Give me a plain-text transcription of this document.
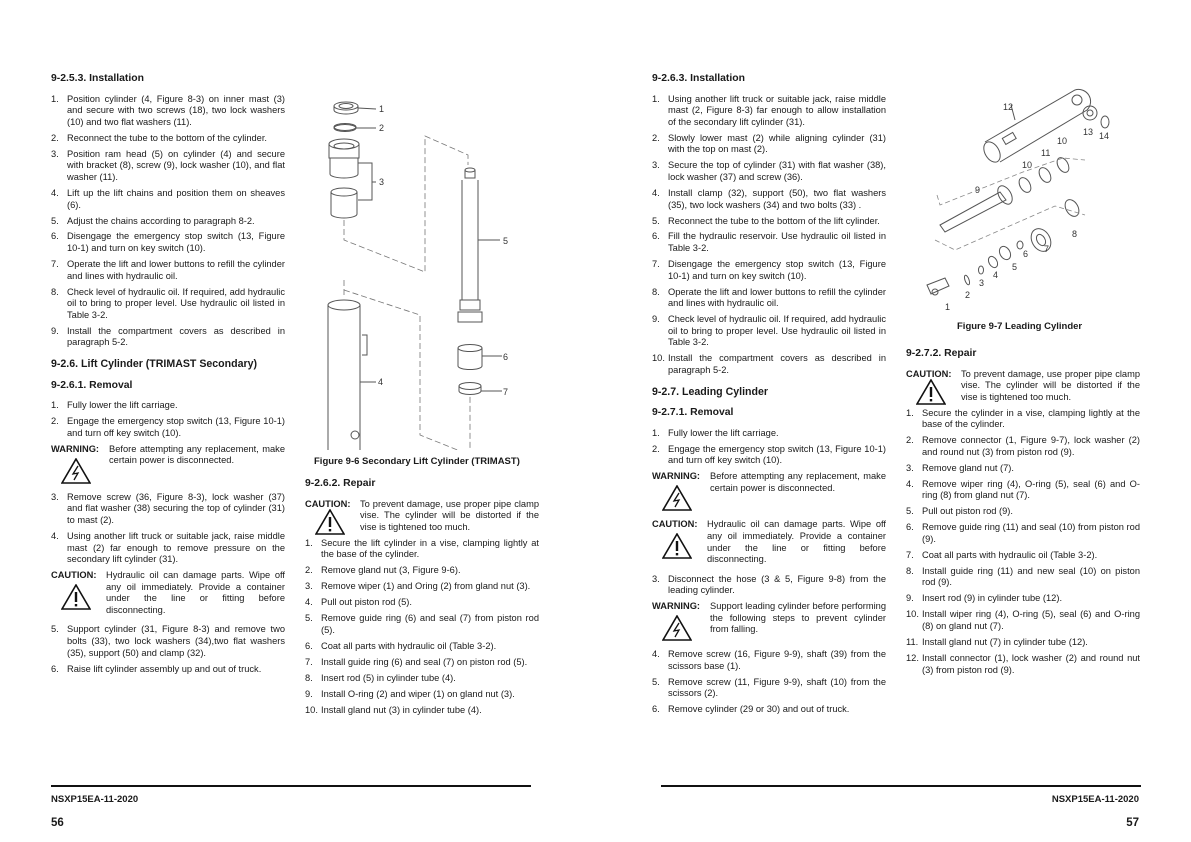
9-2.5.3. Installation
1. Position cylinder (4, Figure 8-3) on inner mast (3) and secure with two screws (18), two lock washers (10) and two flat washers (11).
2. Reconnect the tube to the bottom of the cylinder.
3. Position ram head (5) on cylinder (4) and secure with bracket (8), screw (9), lock washer (10), and flat washer (11).
4. Lift up the lift chains and position them on sheaves (6).
5. Adjust the chains according to paragraph 8-2.
6. Disengage the emergency stop switch (13, Figure 10-1) and turn on key switch (10).
7. Operate the lift and lower buttons to refill the cylinder and lines with hydraulic oil.
8. Check level of hydraulic oil. If required, add hydraulic oil to bring to proper level. Use hydraulic oil listed in Table 3-2.
9. Install the compartment covers as described in paragraph 5-2.
9-2.6. Lift Cylinder (TRIMAST Secondary)
9-2.6.1. Removal
1. Fully lower the lift carriage.
2. Engage the emergency stop switch (13, Figure 10-1) and turn off key switch (10).
WARNING: Before attempting any replacement, make certain power is disconnected.
3. Remove screw (36, Figure 8-3), lock washer (37) and flat washer (38) securing the top of cylinder (31) to mast (2).
4. Using another lift truck or suitable jack, raise middle mast (2) far enough to remove pressure on the secondary lift cylinder (31).
CAUTION: Hydraulic oil can damage parts. Wipe off any oil immediately. Provide a container under the line or fitting before disconnecting.
5. Support cylinder (31, Figure 8-3) and remove two bolts (33), two lock washers (34),two flat washers (35), support (50) and clamp (32).
6. Raise lift cylinder assembly up and out of truck.
1
2
3
4
5
6
7
Figure 9-6 Secondary Lift Cylinder (TRIMAST)
9-2.6.2. Repair
CAUTION: To prevent damage, use proper pipe clamp vise. The cylinder will be distorted if the vise is tightened too much.
1. Secure the lift cylinder in a vise, clamping lightly at the base of the cylinder.
2. Remove gland nut (3, Figure 9-6).
3. Remove wiper (1) and Oring (2) from gland nut (3).
4. Pull out piston rod (5).
5. Remove guide ring (6) and seal (7) from piston rod (5).
6. Coat all parts with hydraulic oil (Table 3-2).
7. Install guide ring (6) and seal (7) on piston rod (5).
8. Insert rod (5) in cylinder tube (4).
9. Install O-ring (2) and wiper (1) on gland nut (3).
10. Install gland nut (3) in cylinder tube (4).
NSXP15EA-11-2020
56
9-2.6.3. Installation
1. Using another lift truck or suitable jack, raise middle mast (2, Figure 8-3) far enough to allow installation of the secondary lift cylinder (31).
2. Slowly lower mast (2) while aligning cylinder (31) with the top on mast (2).
3. Secure the top of cylinder (31) with flat washer (38), lock washer (37) and screw (36).
4. Install clamp (32), support (50), two flat washers (35), two lock washers (34) and two bolts (33) .
5. Reconnect the tube to the bottom of the lift cylinder.
6. Fill the hydraulic reservoir. Use hydraulic oil listed in Table 3-2.
7. Disengage the emergency stop switch (13, Figure 10-1) and turn on key switch (10).
8. Operate the lift and lower buttons to refill the cylinder and lines with hydraulic oil.
9. Check level of hydraulic oil. If required, add hydraulic oil to bring to proper level. Use hydraulic oil listed in Table 3-2.
10. Install the compartment covers as described in paragraph 5-2.
9-2.7. Leading Cylinder
9-2.7.1. Removal
1. Fully lower the lift carriage.
2. Engage the emergency stop switch (13, Figure 10-1) and turn off key switch (10).
WARNING: Before attempting any replacement, make certain power is disconnected.
CAUTION: Hydraulic oil can damage parts. Wipe off any oil immediately. Provide a container under the line or fitting before disconnecting.
3. Disconnect the hose (3 & 5, Figure 9-8) from the leading cylinder.
WARNING: Support leading cylinder before performing the following steps to prevent cylinder from falling.
4. Remove screw (16, Figure 9-9), shaft (39) from the scissors base (1).
5. Remove screw (11, Figure 9-9), shaft (10) from the scissors (2).
6. Remove cylinder (29 or 30) and out of truck.
1
2
3
4
5
6 7
8
9
10
11
10
12
13 14
Figure 9-7 Leading Cylinder
9-2.7.2. Repair
CAUTION: To prevent damage, use proper pipe clamp vise. The cylinder will be distorted if the vise is tightened too much.
1. Secure the cylinder in a vise, clamping lightly at the base of the cylinder.
2. Remove connector (1, Figure 9-7), lock washer (2) and round nut (3) from piston rod (9).
3. Remove gland nut (7).
4. Remove wiper ring (4), O-ring (5), seal (6) and O-ring (8) from gland nut (7).
5. Pull out piston rod (9).
6. Remove guide ring (11) and seal (10) from piston rod (9).
7. Coat all parts with hydraulic oil (Table 3-2).
8. Install guide ring (11) and new seal (10) on piston rod (9).
9. Insert rod (9) in cylinder tube (12).
10. Install wiper ring (4), O-ring (5), seal (6) and O-ring (8) on gland nut (7).
11. Install gland nut (7) in cylinder tube (12).
12. Install connector (1), lock washer (2) and round nut (3) from piston rod (9).
NSXP15EA-11-2020
57
